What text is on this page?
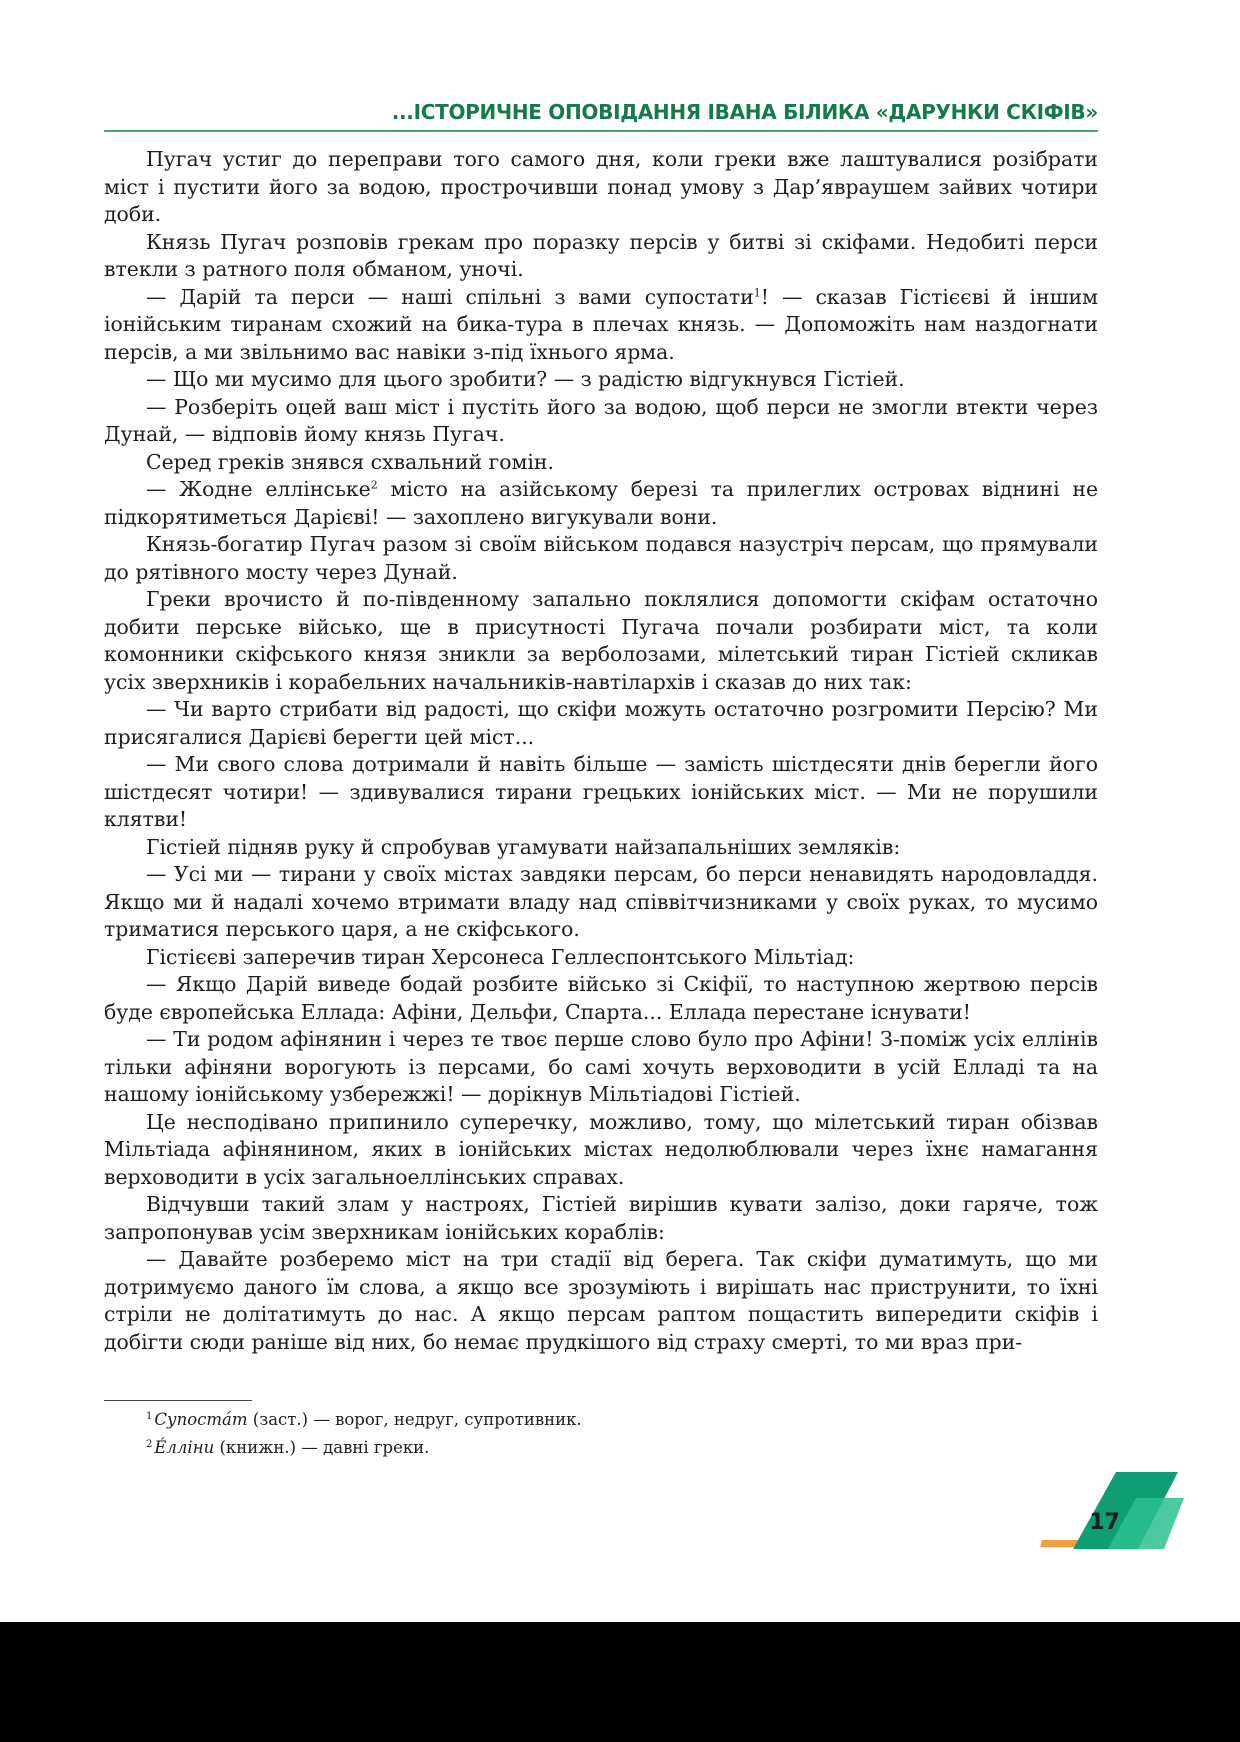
...ІСТОРИЧНЕ ОПОВІДАННЯ ІВАНА БІЛИКА «ДАРУНКИ СКІФІВ»

Пугач устиг до переправи того самого дня, коли греки вже лаштувалися розібрати міст і пустити його за водою, прострочивши понад умову з Дар’явраушем зайвих чотири доби.

Князь Пугач розповів грекам про поразку персів у битві зі скіфами. Недобиті перси втекли з ратного поля обманом, уночі.

— Дарій та перси — наші спільні з вами супостати$^1$! — сказав Гістієєві й іншим іонійським тиранам схожий на бика-тура в плечах князь. — Допоможіть нам наздогнати персів, а ми звільнимо вас навіки з-під їхнього ярма.

— Що ми мусимо для цього зробити? — з радістю відгукнувся Гістіей.

— Розберіть оцей ваш міст і пустіть його за водою, щоб перси не змогли втекти через Дунай, — відповів йому князь Пугач.

Серед греків знявся схвальний гомін.

— Жодне еллінське$^2$ місто на азійському березі та прилеглих островах віднині не підкорятиметься Дарієві! — захоплено вигукували вони.

Князь-богатир Пугач разом зі своїм військом подався назустріч персам, що прямували до рятівного мосту через Дунай.

Греки врочисто й по-південному запально поклялися допомогти скіфам остаточно добити перське військо, ще в присутності Пугача почали розбирати міст, та коли комонники скіфського князя зникли за верболозами, мілетський тиран Гістіей скликав усіх зверхників і корабельних начальників-навтілархів і сказав до них так:

— Чи варто стрибати від радості, що скіфи можуть остаточно розгромити Персію? Ми присягалися Дарієві берегти цей міст...

— Ми свого слова дотримали й навіть більше — замість шістдесяти днів берегли його шістдесят чотири! — здивувалися тирани грецьких іонійських міст. — Ми не порушили клятви!

Гістіей підняв руку й спробував угамувати найзапальніших земляків:

— Усі ми — тирани у своїх містах завдяки персам, бо перси ненавидять народовладдя. Якщо ми й надалі хочемо втримати владу над співвітчизниками у своїх руках, то мусимо триматися перського царя, а не скіфського.

Гістієєві заперечив тиран Херсонеса Геллеспонтського Мільтіад:

— Якщо Дарій виведе бодай розбите військо зі Скіфії, то наступною жертвою персів буде європейська Еллада: Афіни, Дельфи, Спарта... Еллада перестане існувати!

— Ти родом афінянин і через те твоє перше слово було про Афіни! З-поміж усіх еллінів тільки афіняни ворогують із персами, бо самі хочуть верховодити в усій Елладі та на нашому іонійському узбережжі! — дорікнув Мільтіадові Гістіей.

Це несподівано припинило суперечку, можливо, тому, що мілетський тиран обізвав Мільтіада афінянином, яких в іонійських містах недолюблювали через їхнє намагання верховодити в усіх загальноеллінських справах.

Відчувши такий злам у настроях, Гістіей вирішив кувати залізо, доки гаряче, тож запропонував усім зверхникам іонійських кораблів:

— Давайте розберемо міст на три стадії від берега. Так скіфи думатимуть, що ми дотримуємо даного їм слова, а якщо все зрозуміють і вирішать нас приструнити, то їхні стріли не долітатимуть до нас. А якщо персам раптом пощастить випередити скіфів і добігти сюди раніше від них, бо немає прудкішого від страху смерті, то ми враз при-

$^1$ Супостáт (заст.) — ворог, недруг, супротивник.
$^2$ Éлліни (книжн.) — давні греки.
17
